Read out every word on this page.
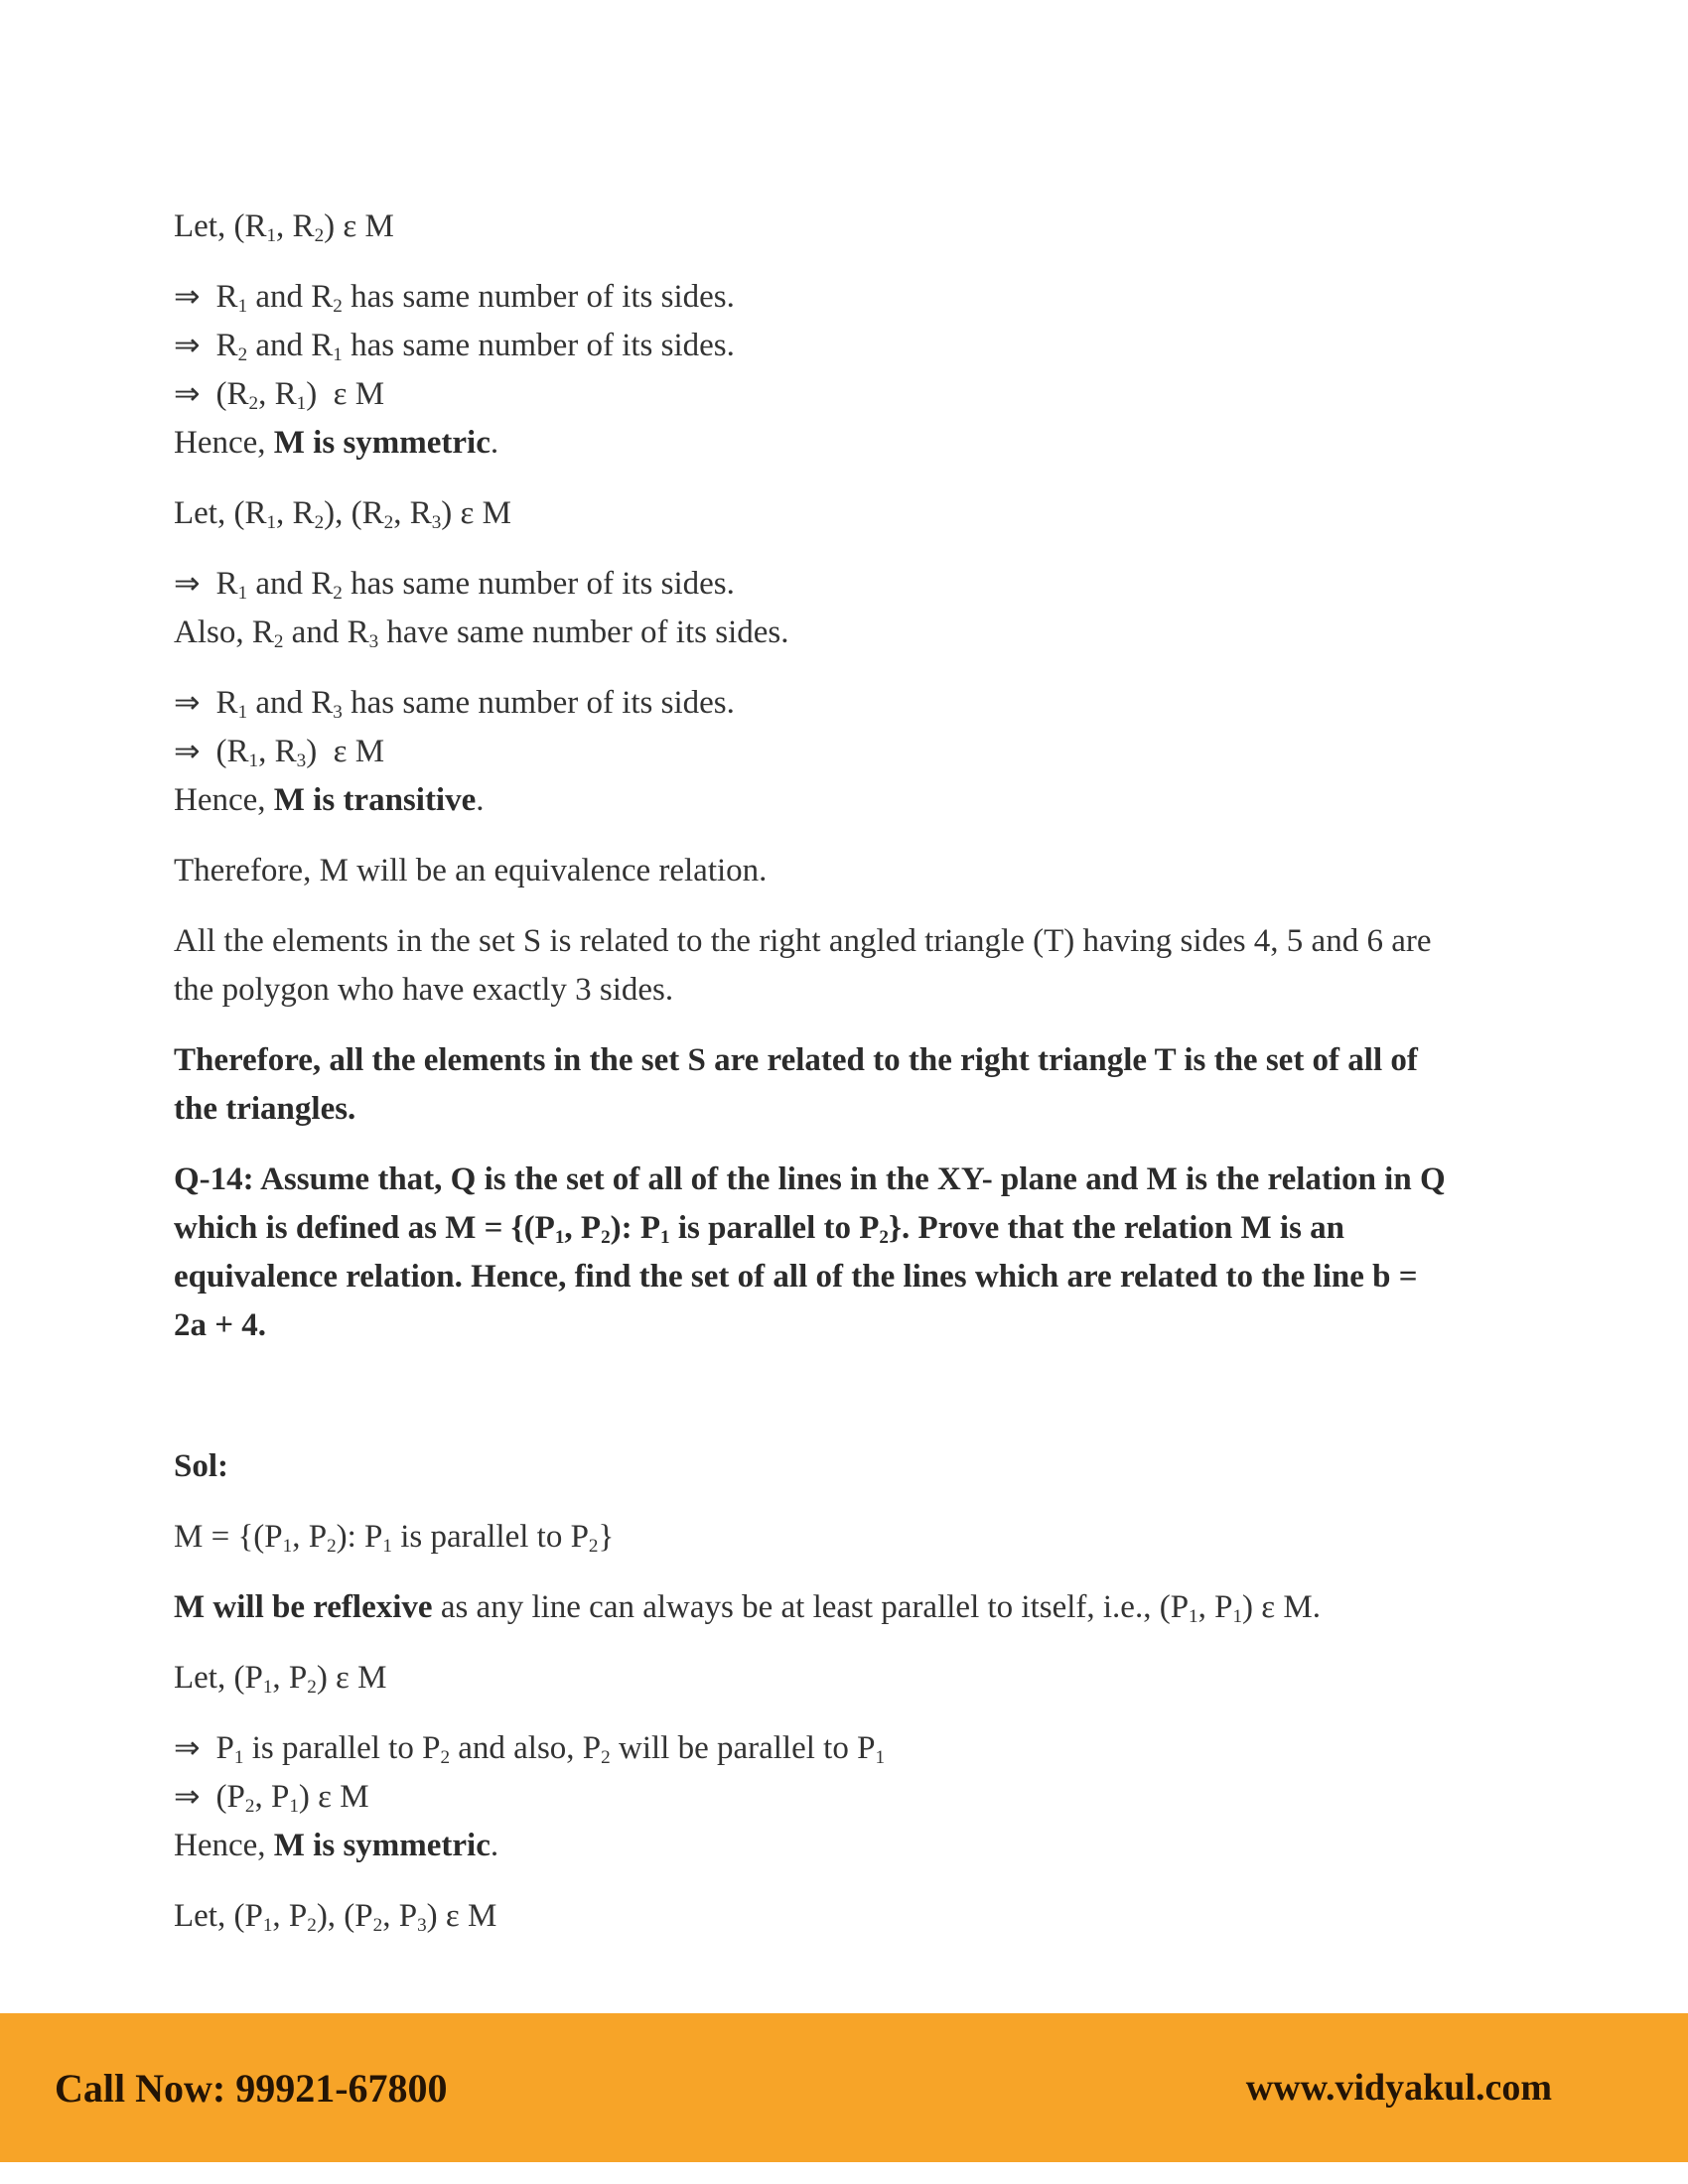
Let, ($R_1$, $R_2$) ε M
⇒ $R_1$ and $R_2$ has same number of its sides.
⇒ $R_2$ and $R_1$ has same number of its sides.
⇒ ($R_2$, $R_1$)  ε M
Hence, M is symmetric.
Let, ($R_1$, $R_2$), ($R_2$, $R_3$) ε M
⇒ $R_1$ and $R_2$ has same number of its sides.
Also, $R_2$ and $R_3$ have same number of its sides.
⇒ $R_1$ and $R_3$ has same number of its sides.
⇒ ($R_1$, $R_3$)  ε M
Hence, M is transitive.
Therefore, M will be an equivalence relation.
All the elements in the set S is related to the right angled triangle (T) having sides 4, 5 and 6 are
the polygon who have exactly 3 sides.
Therefore, all the elements in the set S are related to the right triangle T is the set of all of
the triangles.
Q-14: Assume that, Q is the set of all of the lines in the XY- plane and M is the relation in Q
which is defined as $M = \{(P_1$, $P_2$): $P_1$ is parallel to $P_2$}. Prove that the relation M is an
equivalence relation. Hence, find the set of all of the lines which are related to the line b =
2a + 4.
Sol:
$M = \{(P_1$, $P_2$): $P_1$ is parallel to $P_2$}
M will be reflexive as any line can always be at least parallel to itself, i.e., ($P_1$, $P_1$) ε M.
Let, ($P_1$, $P_2$) ε M
⇒ $P_1$ is parallel to $P_2$ and also, $P_2$ will be parallel to $P_1$
⇒ ($P_2$, $P_1$) ε M
Hence, M is symmetric.
Let, ($P_1$, $P_2$), ($P_2$, $P_3$) ε M
Call Now: 99921-67800	www.vidyakul.com
